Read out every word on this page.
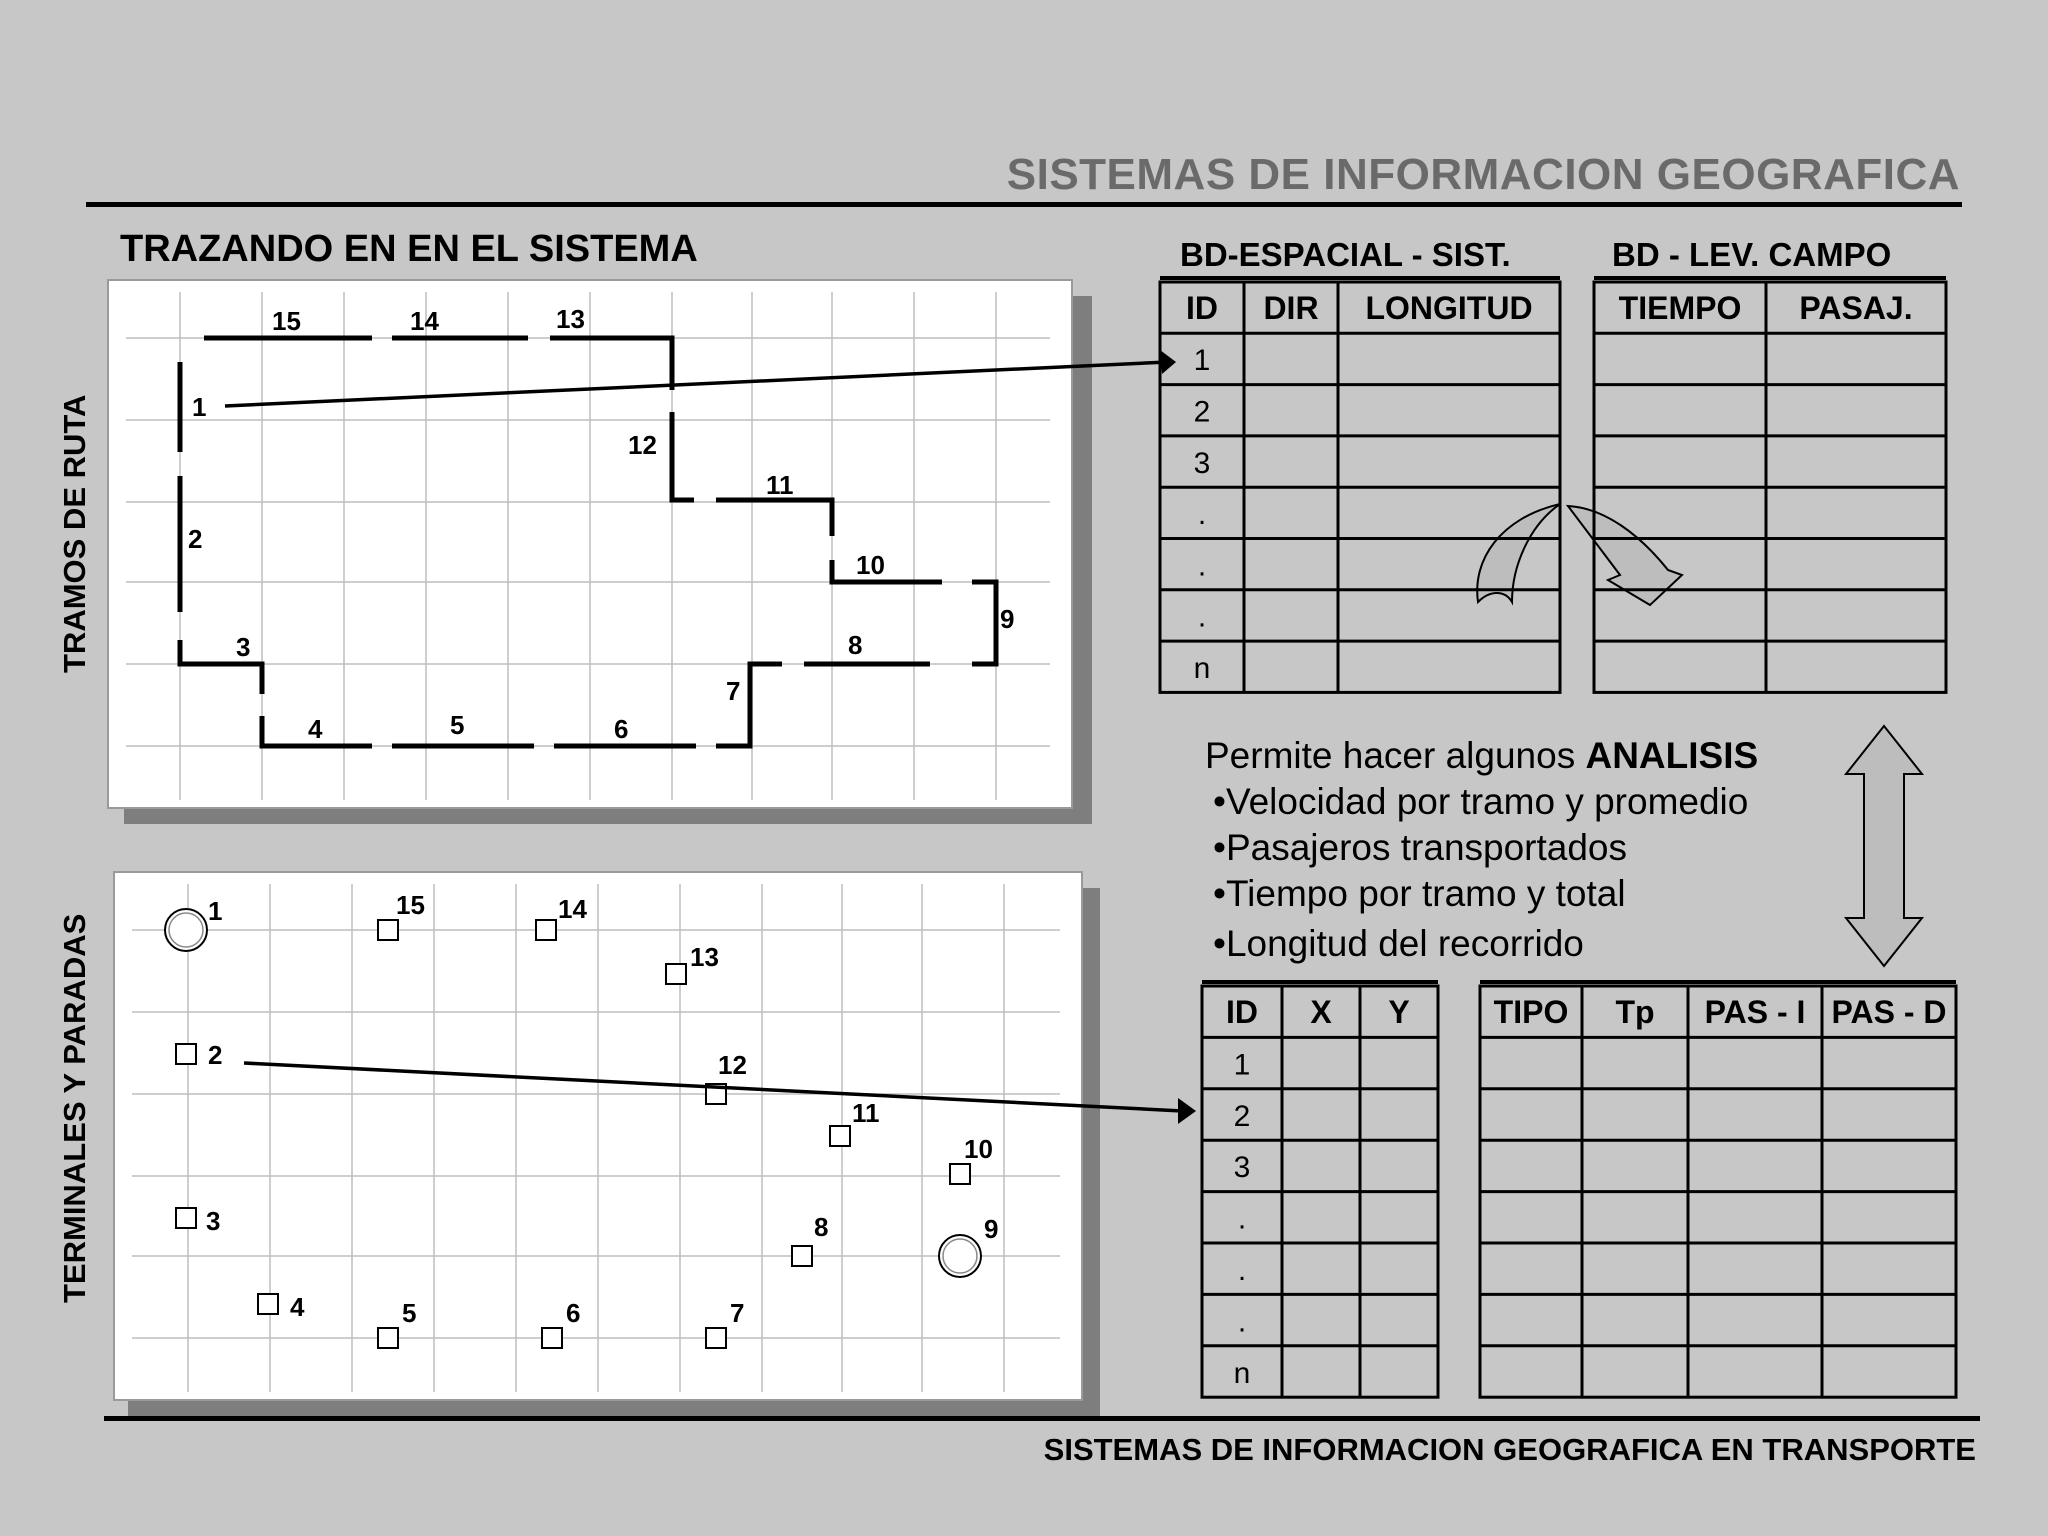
SISTEMAS DE INFORMACION GEOGRAFICA
TRAZANDO EN EN EL SISTEMA	BD-ESPACIAL - SIST.	BD - LEV. CAMPO
TRAMOS DE RUTA
TERMINALES Y PARADAS
1
2
3
4	5	6
7
8
9
10
11
12
13
14
15
1
2
3
4	5	6	7
8	9
10
11
12
13
14
15
ID DIR LONGITUD
1
2
3
.
.
.
n
TIEMPO PASAJ.
ID X Y
1
2
3
.
.
.
n
TIPO Tp PAS - I PAS - D
Permite hacer algunos ANALISIS
•Velocidad por tramo y promedio
•Pasajeros transportados
•Tiempo por tramo y total
•Longitud del recorrido
SISTEMAS DE INFORMACION GEOGRAFICA EN TRANSPORTE
